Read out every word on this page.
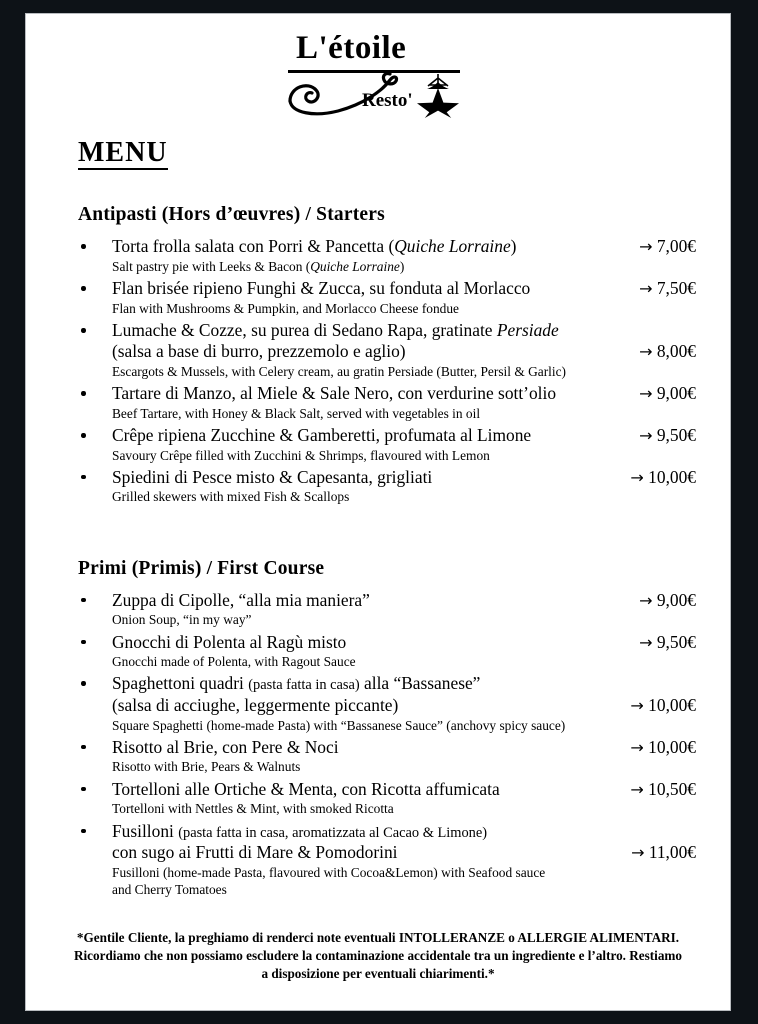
L'étoile
Resto'
MENU
Antipasti (Hors d’œuvres) / Starters
Torta frolla salata con Porri & Pancetta (Quiche Lorraine)	→ 7,00€
Salt pastry pie with Leeks & Bacon (Quiche Lorraine)
Flan brisée ripieno Funghi & Zucca, su fonduta al Morlacco	→ 7,50€
Flan with Mushrooms & Pumpkin, and Morlacco Cheese fondue
Lumache & Cozze, su purea di Sedano Rapa, gratinate Persiade
(salsa a base di burro, prezzemolo e aglio)	→ 8,00€
Escargots & Mussels, with Celery cream, au gratin Persiade (Butter, Persil & Garlic)
Tartare di Manzo, al Miele & Sale Nero, con verdurine sott’olio	→ 9,00€
Beef Tartare, with Honey & Black Salt, served with vegetables in oil
Crêpe ripiena Zucchine & Gamberetti, profumata al Limone	→ 9,50€
Savoury Crêpe filled with Zucchini & Shrimps, flavoured with Lemon
Spiedini di Pesce misto & Capesanta, grigliati	→ 10,00€
Grilled skewers with mixed Fish & Scallops
Primi (Primis) / First Course
Zuppa di Cipolle, “alla mia maniera”	→ 9,00€
Onion Soup, “in my way”
Gnocchi di Polenta al Ragù misto	→ 9,50€
Gnocchi made of Polenta, with Ragout Sauce
Spaghettoni quadri (pasta fatta in casa) alla “Bassanese”
(salsa di acciughe, leggermente piccante)	→ 10,00€
Square Spaghetti (home-made Pasta) with “Bassanese Sauce” (anchovy spicy sauce)
Risotto al Brie, con Pere & Noci	→ 10,00€
Risotto with Brie, Pears & Walnuts
Tortelloni alle Ortiche & Menta, con Ricotta affumicata	→ 10,50€
Tortelloni with Nettles & Mint, with smoked Ricotta
Fusilloni (pasta fatta in casa, aromatizzata al Cacao & Limone)
con sugo ai Frutti di Mare & Pomodorini	→ 11,00€
Fusilloni (home-made Pasta, flavoured with Cocoa&Lemon) with Seafood sauce
and Cherry Tomatoes
*Gentile Cliente, la preghiamo di renderci note eventuali INTOLLERANZE o ALLERGIE ALIMENTARI. Ricordiamo che non possiamo escludere la contaminazione accidentale tra un ingrediente e l’altro. Restiamo a disposizione per eventuali chiarimenti.*
